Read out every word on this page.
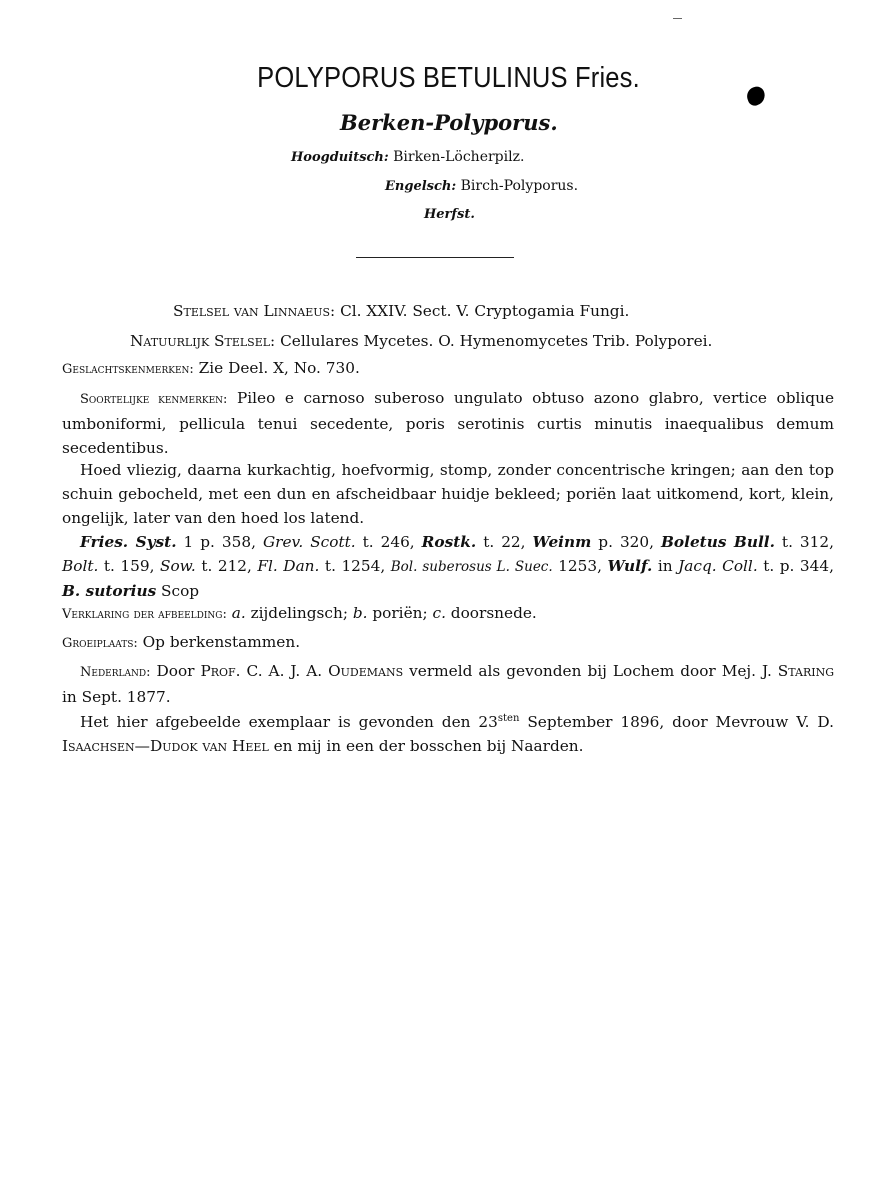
POLYPORUS BETULINUS Fries.
Berken-Polyporus.
Hoogduitsch: Birken-Löcherpilz.
Engelsch: Birch-Polyporus.
Herfst.
Stelsel van Linnaeus: Cl. XXIV. Sect. V. Cryptogamia Fungi.
Natuurlijk Stelsel: Cellulares Mycetes. O. Hymenomycetes Trib. Polyporei.
Geslachtskenmerken: Zie Deel. X, No. 730.
Soortelijke kenmerken: Pileo e carnoso suberoso ungulato obtuso azono glabro, vertice oblique umboniformi, pellicula tenui secedente, poris serotinis curtis minutis inaequalibus demum secedentibus.
Hoed vliezig, daarna kurkachtig, hoefvormig, stomp, zonder concentrische kringen; aan den top schuin gebocheld, met een dun en afscheidbaar huidje bekleed; poriën laat uitkomend, kort, klein, ongelijk, later van den hoed los latend.
Fries. Syst. 1 p. 358, Grev. Scott. t. 246, Rostk. t. 22, Weinm p. 320, Boletus Bull. t. 312, Bolt. t. 159, Sow. t. 212, Fl. Dan. t. 1254, Bol. suberosus L. Suec. 1253, Wulf. in Jacq. Coll. t. p. 344, B. sutorius Scop
Verklaring der afbeelding: a. zijdelingsch; b. poriën; c. doorsnede.
Groeiplaats: Op berkenstammen.
Nederland: Door Prof. C. A. J. A. Oudemans vermeld als gevonden bij Lochem door Mej. J. Staring in Sept. 1877.
Het hier afgebeelde exemplaar is gevonden den $23^{sten}$ September 1896, door Mevrouw V. D. Isaachsen—Dudok van Heel en mij in een der bosschen bij Naarden.
